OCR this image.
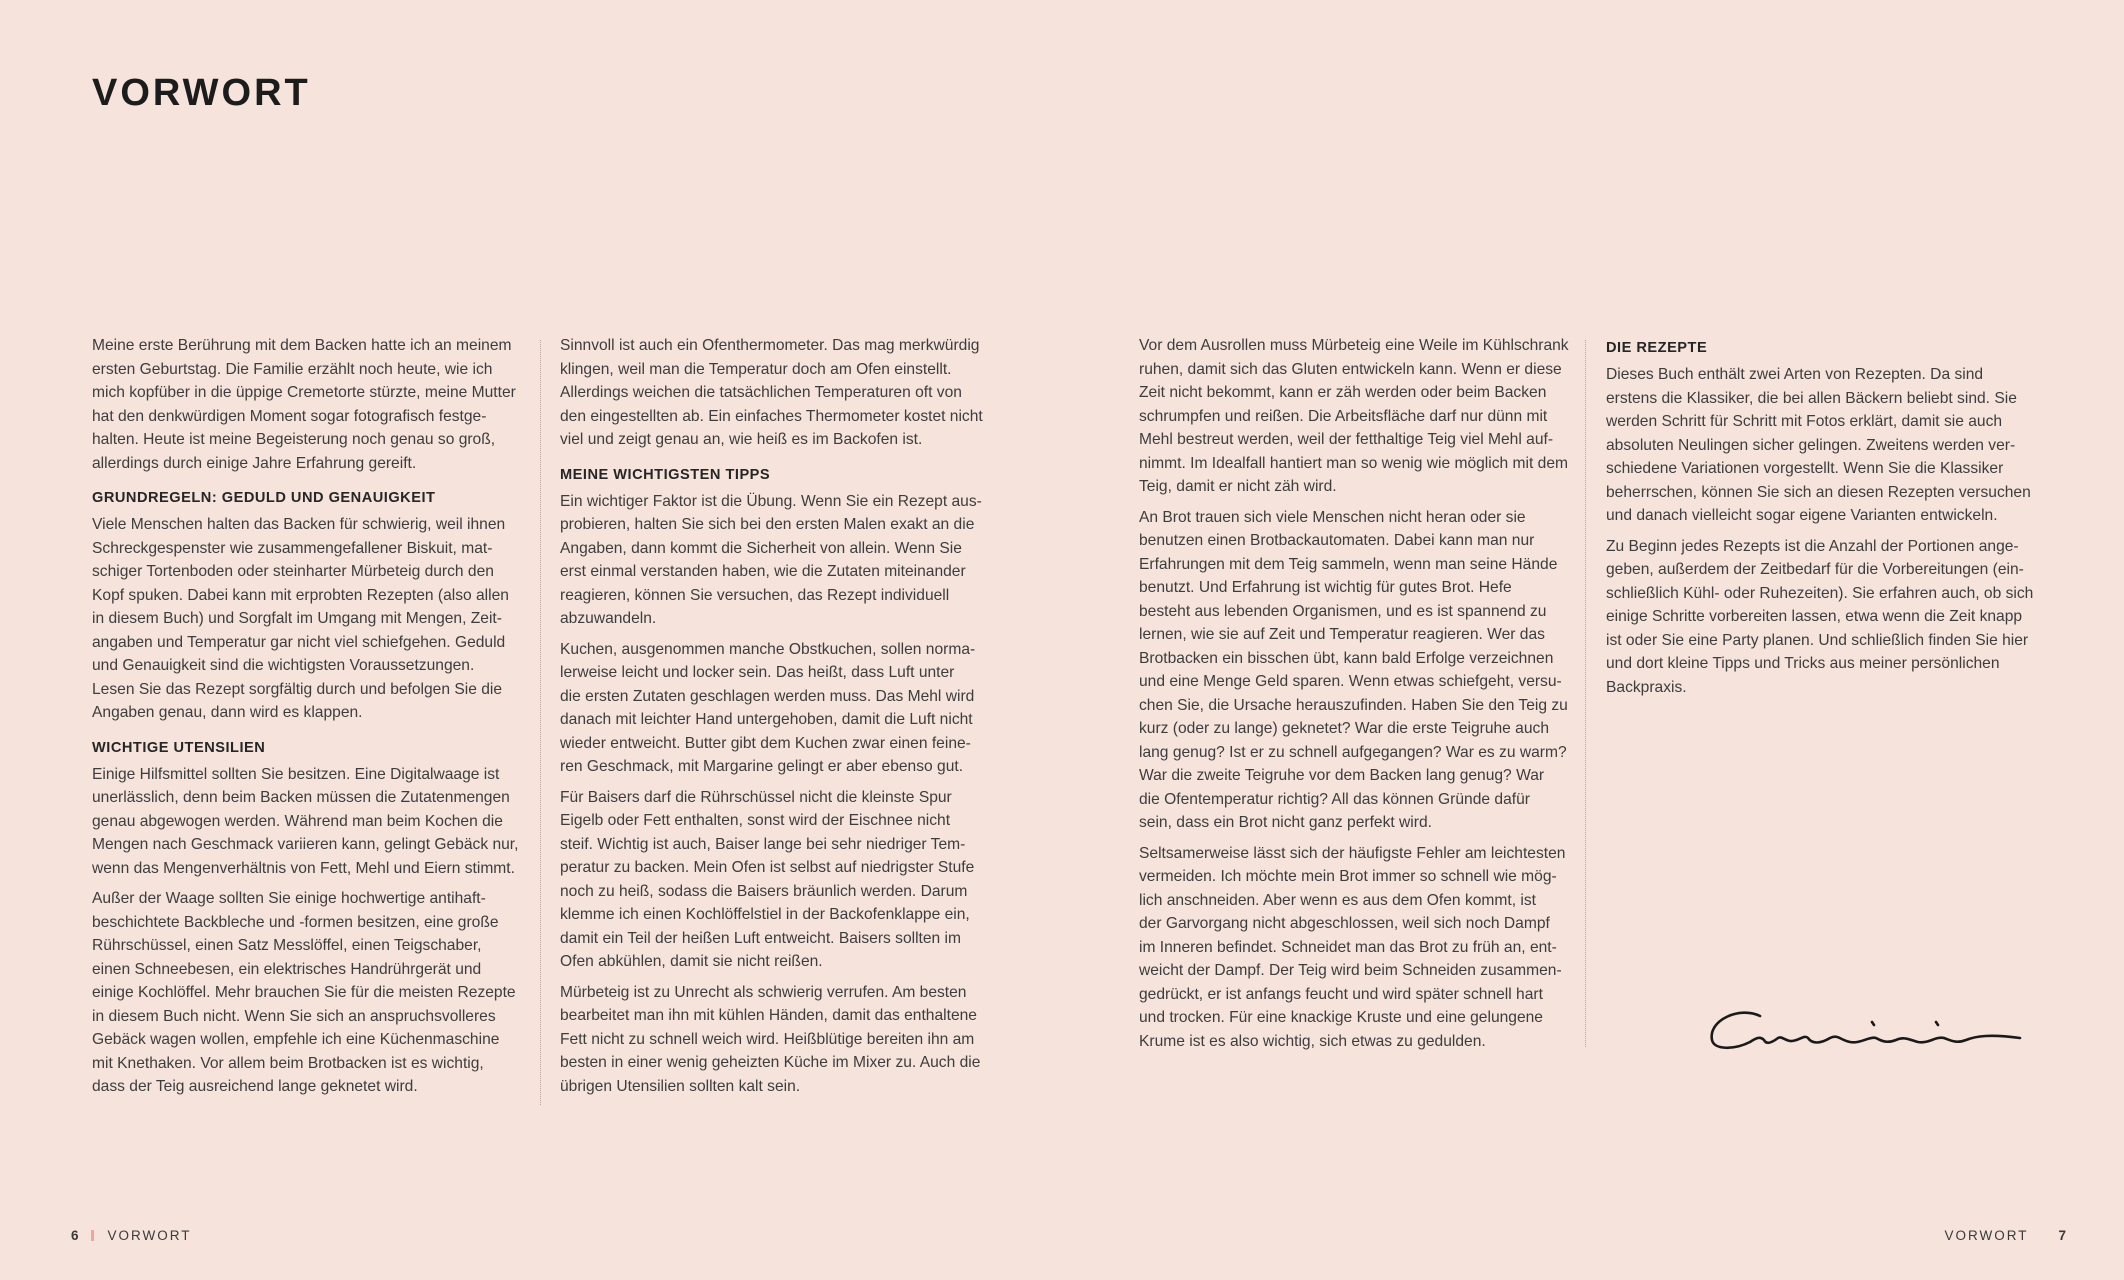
VORWORT

Meine erste Berührung mit dem Backen hatte ich an meinem
ersten Geburtstag. Die Familie erzählt noch heute, wie ich
mich kopfüber in die üppige Cremetorte stürzte, meine Mutter
hat den denkwürdigen Moment sogar fotografisch festge-
halten. Heute ist meine Begeisterung noch genau so groß,
allerdings durch einige Jahre Erfahrung gereift.

GRUNDREGELN: GEDULD UND GENAUIGKEIT

Viele Menschen halten das Backen für schwierig, weil ihnen
Schreckgespenster wie zusammengefallener Biskuit, mat-
schiger Tortenboden oder steinharter Mürbeteig durch den
Kopf spuken. Dabei kann mit erprobten Rezepten (also allen
in diesem Buch) und Sorgfalt im Umgang mit Mengen, Zeit-
angaben und Temperatur gar nicht viel schiefgehen. Geduld
und Genauigkeit sind die wichtigsten Voraussetzungen.
Lesen Sie das Rezept sorgfältig durch und befolgen Sie die
Angaben genau, dann wird es klappen.

WICHTIGE UTENSILIEN

Einige Hilfsmittel sollten Sie besitzen. Eine Digitalwaage ist
unerlässlich, denn beim Backen müssen die Zutatenmengen
genau abgewogen werden. Während man beim Kochen die
Mengen nach Geschmack variieren kann, gelingt Gebäck nur,
wenn das Mengenverhältnis von Fett, Mehl und Eiern stimmt.

Außer der Waage sollten Sie einige hochwertige antihaft-
beschichtete Backbleche und -formen besitzen, eine große
Rührschüssel, einen Satz Messlöffel, einen Teigschaber,
einen Schneebesen, ein elektrisches Handrührgerät und
einige Kochlöffel. Mehr brauchen Sie für die meisten Rezepte
in diesem Buch nicht. Wenn Sie sich an anspruchsvolleres
Gebäck wagen wollen, empfehle ich eine Küchenmaschine
mit Knethaken. Vor allem beim Brotbacken ist es wichtig,
dass der Teig ausreichend lange geknetet wird.

Sinnvoll ist auch ein Ofenthermometer. Das mag merkwürdig
klingen, weil man die Temperatur doch am Ofen einstellt.
Allerdings weichen die tatsächlichen Temperaturen oft von
den eingestellten ab. Ein einfaches Thermometer kostet nicht
viel und zeigt genau an, wie heiß es im Backofen ist.

MEINE WICHTIGSTEN TIPPS

Ein wichtiger Faktor ist die Übung. Wenn Sie ein Rezept aus-
probieren, halten Sie sich bei den ersten Malen exakt an die
Angaben, dann kommt die Sicherheit von allein. Wenn Sie
erst einmal verstanden haben, wie die Zutaten miteinander
reagieren, können Sie versuchen, das Rezept individuell
abzuwandeln.

Kuchen, ausgenommen manche Obstkuchen, sollen norma-
lerweise leicht und locker sein. Das heißt, dass Luft unter
die ersten Zutaten geschlagen werden muss. Das Mehl wird
danach mit leichter Hand untergehoben, damit die Luft nicht
wieder entweicht. Butter gibt dem Kuchen zwar einen feine-
ren Geschmack, mit Margarine gelingt er aber ebenso gut.

Für Baisers darf die Rührschüssel nicht die kleinste Spur
Eigelb oder Fett enthalten, sonst wird der Eischnee nicht
steif. Wichtig ist auch, Baiser lange bei sehr niedriger Tem-
peratur zu backen. Mein Ofen ist selbst auf niedrigster Stufe
noch zu heiß, sodass die Baisers bräunlich werden. Darum
klemme ich einen Kochlöffelstiel in der Backofenklappe ein,
damit ein Teil der heißen Luft entweicht. Baisers sollten im
Ofen abkühlen, damit sie nicht reißen.

Mürbeteig ist zu Unrecht als schwierig verrufen. Am besten
bearbeitet man ihn mit kühlen Händen, damit das enthaltene
Fett nicht zu schnell weich wird. Heißblütige bereiten ihn am
besten in einer wenig geheizten Küche im Mixer zu. Auch die
übrigen Utensilien sollten kalt sein.

Vor dem Ausrollen muss Mürbeteig eine Weile im Kühlschrank
ruhen, damit sich das Gluten entwickeln kann. Wenn er diese
Zeit nicht bekommt, kann er zäh werden oder beim Backen
schrumpfen und reißen. Die Arbeitsfläche darf nur dünn mit
Mehl bestreut werden, weil der fetthaltige Teig viel Mehl auf-
nimmt. Im Idealfall hantiert man so wenig wie möglich mit dem
Teig, damit er nicht zäh wird.

An Brot trauen sich viele Menschen nicht heran oder sie
benutzen einen Brotbackautomaten. Dabei kann man nur
Erfahrungen mit dem Teig sammeln, wenn man seine Hände
benutzt. Und Erfahrung ist wichtig für gutes Brot. Hefe
besteht aus lebenden Organismen, und es ist spannend zu
lernen, wie sie auf Zeit und Temperatur reagieren. Wer das
Brotbacken ein bisschen übt, kann bald Erfolge verzeichnen
und eine Menge Geld sparen. Wenn etwas schiefgeht, versu-
chen Sie, die Ursache herauszufinden. Haben Sie den Teig zu
kurz (oder zu lange) geknetet? War die erste Teigruhe auch
lang genug? Ist er zu schnell aufgegangen? War es zu warm?
War die zweite Teigruhe vor dem Backen lang genug? War
die Ofentemperatur richtig? All das können Gründe dafür
sein, dass ein Brot nicht ganz perfekt wird.

Seltsamerweise lässt sich der häufigste Fehler am leichtesten
vermeiden. Ich möchte mein Brot immer so schnell wie mög-
lich anschneiden. Aber wenn es aus dem Ofen kommt, ist
der Garvorgang nicht abgeschlossen, weil sich noch Dampf
im Inneren befindet. Schneidet man das Brot zu früh an, ent-
weicht der Dampf. Der Teig wird beim Schneiden zusammen-
gedrückt, er ist anfangs feucht und wird später schnell hart
und trocken. Für eine knackige Kruste und eine gelungene
Krume ist es also wichtig, sich etwas zu gedulden.

DIE REZEPTE

Dieses Buch enthält zwei Arten von Rezepten. Da sind
erstens die Klassiker, die bei allen Bäckern beliebt sind. Sie
werden Schritt für Schritt mit Fotos erklärt, damit sie auch
absoluten Neulingen sicher gelingen. Zweitens werden ver-
schiedene Variationen vorgestellt. Wenn Sie die Klassiker
beherrschen, können Sie sich an diesen Rezepten versuchen
und danach vielleicht sogar eigene Varianten entwickeln.

Zu Beginn jedes Rezepts ist die Anzahl der Portionen ange-
geben, außerdem der Zeitbedarf für die Vorbereitungen (ein-
schließlich Kühl- oder Ruhezeiten). Sie erfahren auch, ob sich
einige Schritte vorbereiten lassen, etwa wenn die Zeit knapp
ist oder Sie eine Party planen. Und schließlich finden Sie hier
und dort kleine Tipps und Tricks aus meiner persönlichen
Backpraxis.

6 VORWORT	VORWORT 7
